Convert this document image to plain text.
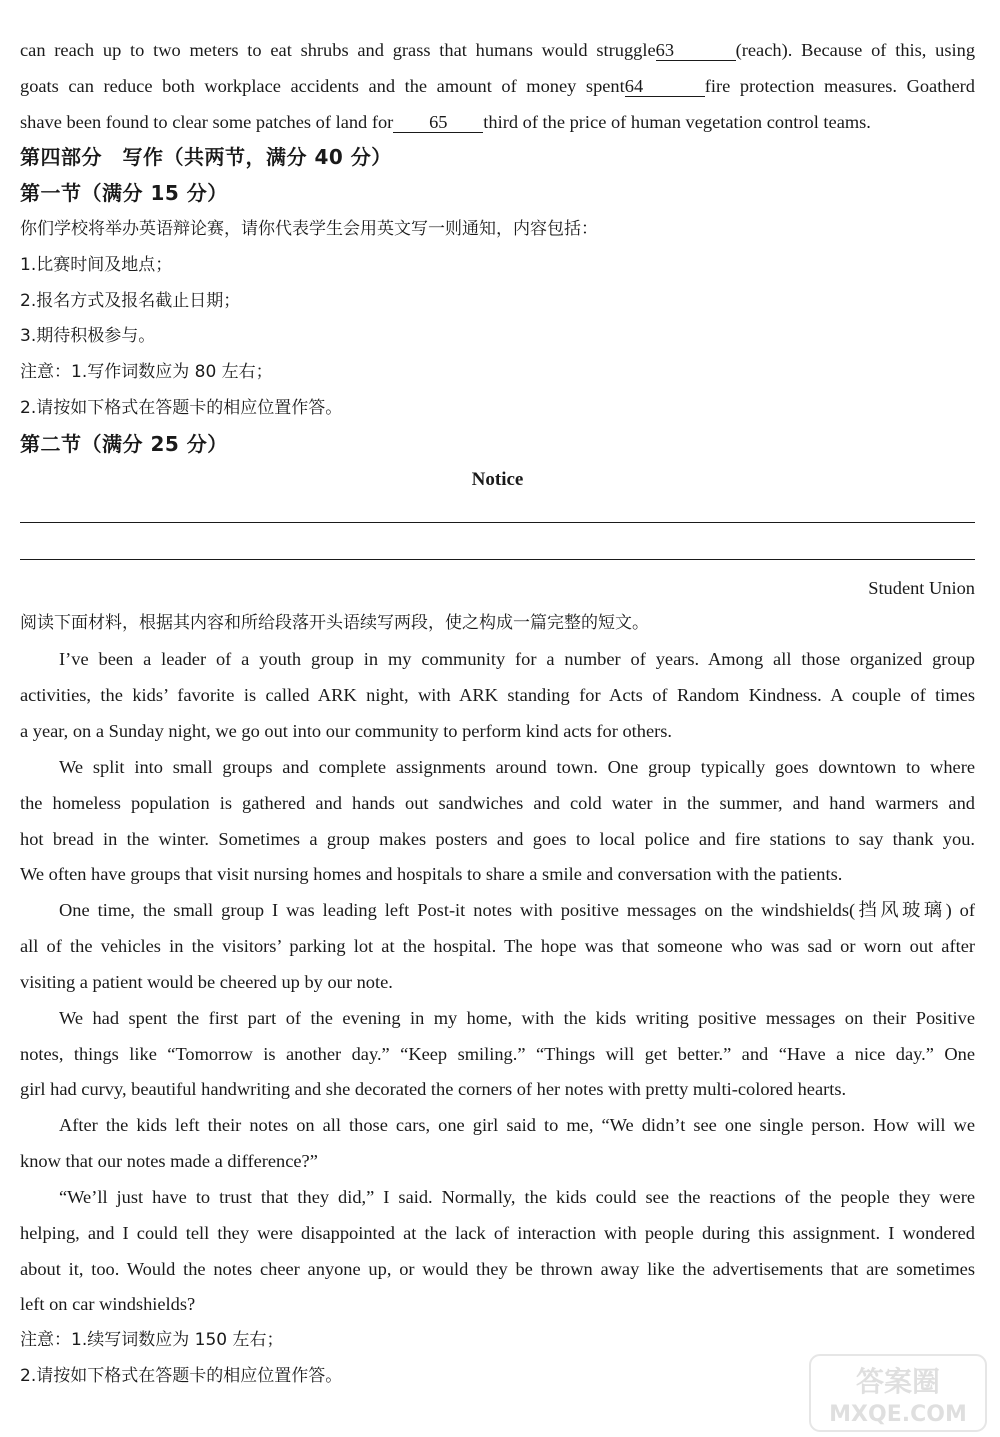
can reach up to two meters to eat shrubs and grass that humans would struggle63	(reach). Because of this, using
goats can reduce both workplace accidents and the amount of money spent64	fire protection measures. Goatherd
shave been found to clear some patches of land for 65 third of the price of human vegetation control teams.
第四部分　写作（共两节，满分 40 分）
第一节（满分 15 分）
你们学校将举办英语辩论赛，请你代表学生会用英文写一则通知，内容包括：
1.比赛时间及地点；
2.报名方式及报名截止日期；
3.期待积极参与。
注意：1.写作词数应为 80 左右；
2.请按如下格式在答题卡的相应位置作答。
第二节（满分 25 分）
Notice
Student Union
阅读下面材料，根据其内容和所给段落开头语续写两段，使之构成一篇完整的短文。
I’ve been a leader of a youth group in my community for a number of years. Among all those organized group
activities, the kids’ favorite is called ARK night, with ARK standing for Acts of Random Kindness. A couple of times
a year, on a Sunday night, we go out into our community to perform kind acts for others.
We split into small groups and complete assignments around town. One group typically goes downtown to where
the homeless population is gathered and hands out sandwiches and cold water in the summer, and hand warmers and
hot bread in the winter. Sometimes a group makes posters and goes to local police and fire stations to say thank you.
We often have groups that visit nursing homes and hospitals to share a smile and conversation with the patients.
One time, the small group I was leading left Post-it notes with positive messages on the windshields(挡风玻璃) of
all of the vehicles in the visitors’ parking lot at the hospital. The hope was that someone who was sad or worn out after
visiting a patient would be cheered up by our note.
We had spent the first part of the evening in my home, with the kids writing positive messages on their Positive
notes, things like “Tomorrow is another day.” “Keep smiling.” “Things will get better.” and “Have a nice day.” One
girl had curvy, beautiful handwriting and she decorated the corners of her notes with pretty multi-colored hearts.
After the kids left their notes on all those cars, one girl said to me, “We didn’t see one single person. How will we
know that our notes made a difference?”
“We’ll just have to trust that they did,” I said. Normally, the kids could see the reactions of the people they were
helping, and I could tell they were disappointed at the lack of interaction with people during this assignment. I wondered
about it, too. Would the notes cheer anyone up, or would they be thrown away like the advertisements that are sometimes
left on car windshields?
注意：1.续写词数应为 150 左右；
2.请按如下格式在答题卡的相应位置作答。	答案圈
MXQE.COM
